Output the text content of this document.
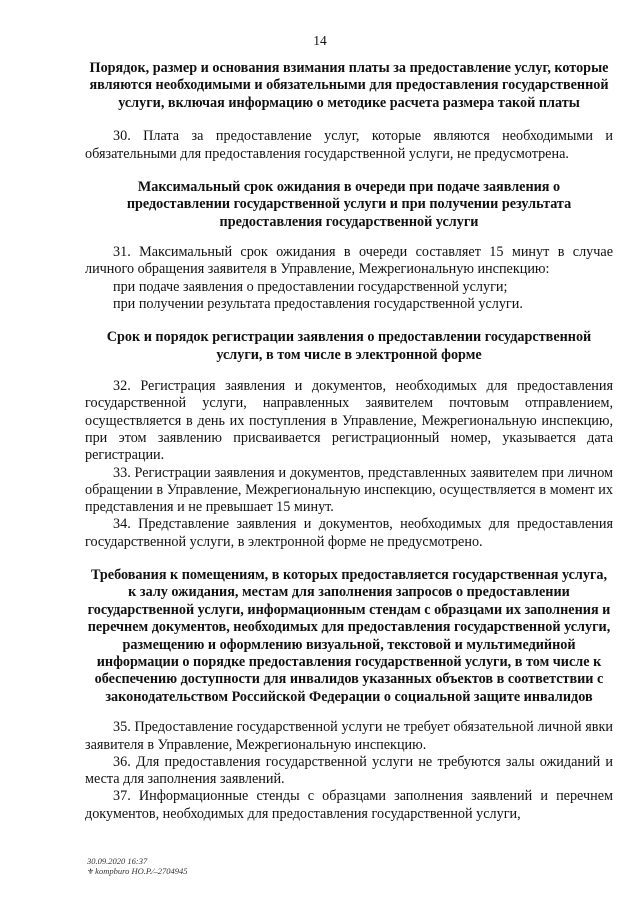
14

Порядок, размер и основания взимания платы за предоставление услуг, которые являются необходимыми и обязательными для предоставления государственной услуги, включая информацию о методике расчета размера такой платы

30. Плата за предоставление услуг, которые являются необходимыми и обязательными для предоставления государственной услуги, не предусмотрена.

Максимальный срок ожидания в очереди при подаче заявления о предоставлении государственной услуги и при получении результата предоставления государственной услуги

31. Максимальный срок ожидания в очереди составляет 15 минут в случае личного обращения заявителя в Управление, Межрегиональную инспекцию:

при подаче заявления о предоставлении государственной услуги;

при получении результата предоставления государственной услуги.

Срок и порядок регистрации заявления о предоставлении государственной услуги, в том числе в электронной форме

32. Регистрация заявления и документов, необходимых для предоставления государственной услуги, направленных заявителем почтовым отправлением, осуществляется в день их поступления в Управление, Межрегиональную инспекцию, при этом заявлению присваивается регистрационный номер, указывается дата регистрации.

33. Регистрации заявления и документов, представленных заявителем при личном обращении в Управление, Межрегиональную инспекцию, осуществляется в момент их представления и не превышает 15 минут.

34. Представление заявления и документов, необходимых для предоставления государственной услуги, в электронной форме не предусмотрено.

Требования к помещениям, в которых предоставляется государственная услуга, к залу ожидания, местам для заполнения запросов о предоставлении государственной услуги, информационным стендам с образцами их заполнения и перечнем документов, необходимых для предоставления государственной услуги, размещению и оформлению визуальной, текстовой и мультимедийной информации о порядке предоставления государственной услуги, в том числе к обеспечению доступности для инвалидов указанных объектов в соответствии с законодательством Российской Федерации о социальной защите инвалидов

35. Предоставление государственной услуги не требует обязательной личной явки заявителя в Управление, Межрегиональную инспекцию.

36. Для предоставления государственной услуги не требуются залы ожиданий и места для заполнения заявлений.

37. Информационные стенды с образцами заполнения заявлений и перечнем документов, необходимых для предоставления государственной услуги,

30.09.2020 16:37
⚜kompburo HO.P.⁄–2704945
